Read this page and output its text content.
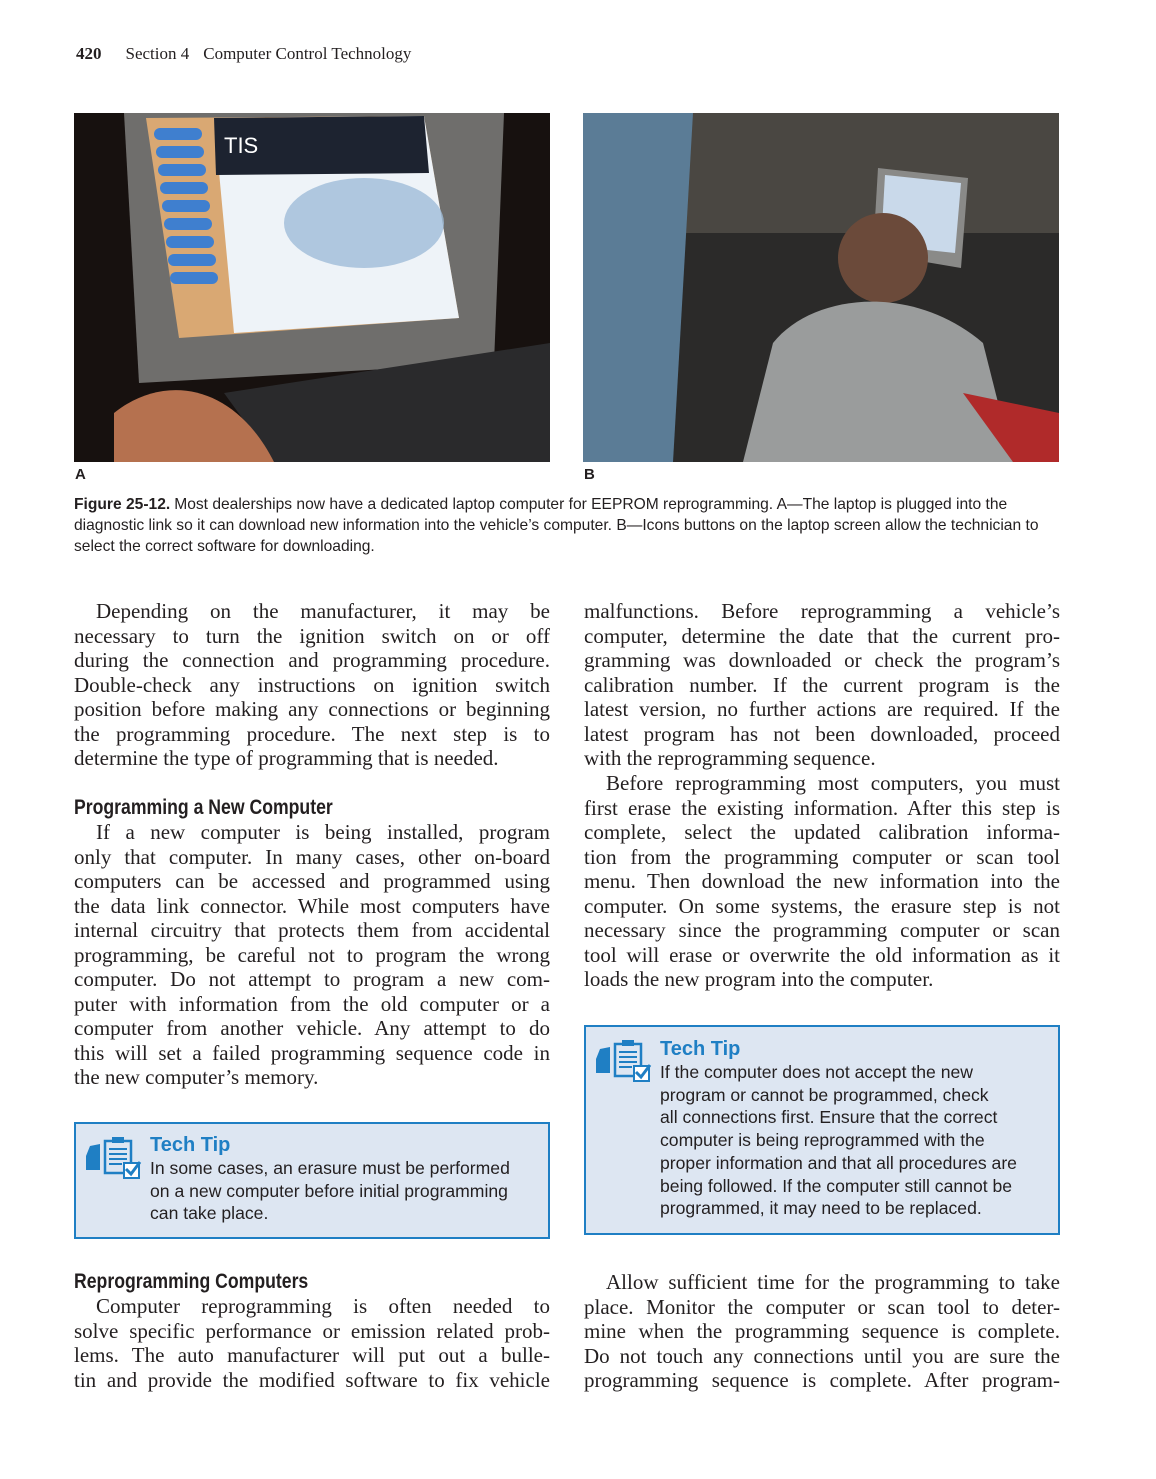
420 Section 4 Computer Control Technology
TIS
A	B
Figure 25-12. Most dealerships now have a dedicated laptop computer for EEPROM reprogramming. A—The laptop is plugged into the diagnostic link so it can download new information into the vehicle’s computer. B—Icons buttons on the laptop screen allow the technician to select the correct software for downloading.
Depending on the manufacturer, it may be
necessary to turn the ignition switch on or off
during the connection and programming procedure.
Double-check any instructions on ignition switch
position before making any connections or beginning
the programming procedure. The next step is to
determine the type of programming that is needed.
Programming a New Computer
If a new computer is being installed, program
only that computer. In many cases, other on-board
computers can be accessed and programmed using
the data link connector. While most computers have
internal circuitry that protects them from accidental
programming, be careful not to program the wrong
computer. Do not attempt to program a new com-
puter with information from the old computer or a
computer from another vehicle. Any attempt to do
this will set a failed programming sequence code in
the new computer’s memory.
Tech Tip
In some cases, an erasure must be performed
on a new computer before initial programming
can take place.
Reprogramming Computers
Computer reprogramming is often needed to
solve specific performance or emission related prob-
lems. The auto manufacturer will put out a bulle-
tin and provide the modified software to fix vehicle
malfunctions. Before reprogramming a vehicle’s
computer, determine the date that the current pro-
gramming was downloaded or check the program’s
calibration number. If the current program is the
latest version, no further actions are required. If the
latest program has not been downloaded, proceed
with the reprogramming sequence.
Before reprogramming most computers, you must
first erase the existing information. After this step is
complete, select the updated calibration informa-
tion from the programming computer or scan tool
menu. Then download the new information into the
computer. On some systems, the erasure step is not
necessary since the programming computer or scan
tool will erase or overwrite the old information as it
loads the new program into the computer.
Tech Tip
If the computer does not accept the new
program or cannot be programmed, check
all connections first. Ensure that the correct
computer is being reprogrammed with the
proper information and that all procedures are
being followed. If the computer still cannot be
programmed, it may need to be replaced.
Allow sufficient time for the programming to take
place. Monitor the computer or scan tool to deter-
mine when the programming sequence is complete.
Do not touch any connections until you are sure the
programming sequence is complete. After program-
